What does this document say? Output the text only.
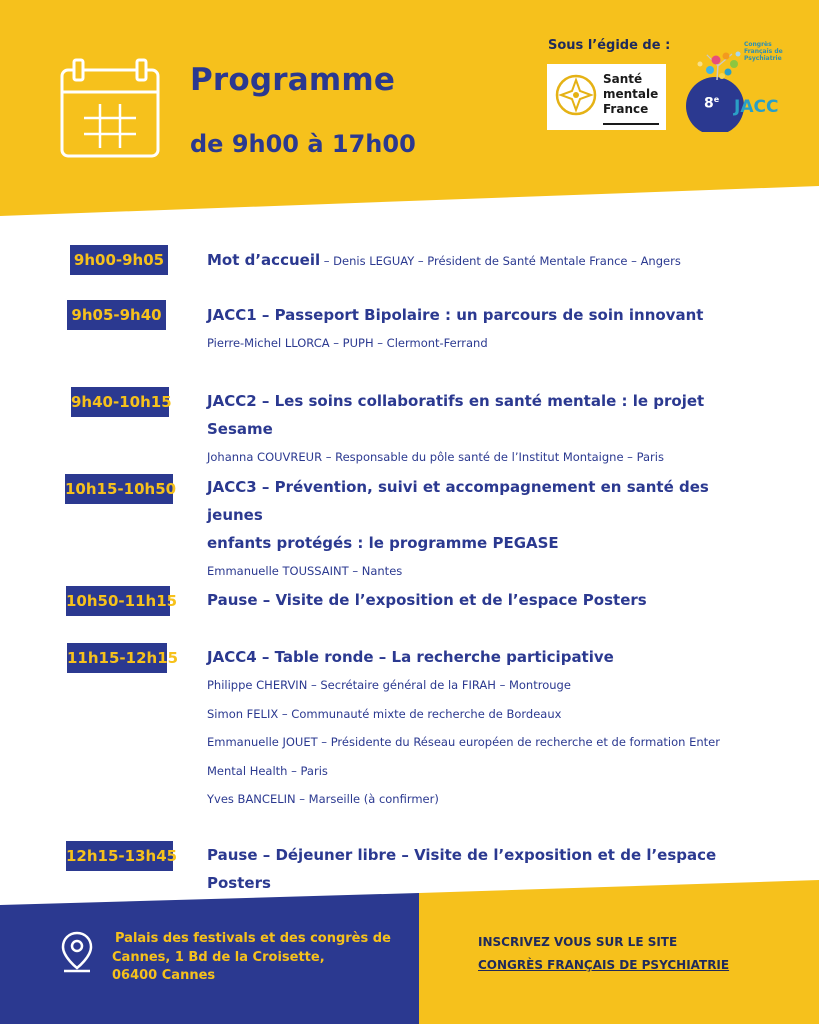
Programme
de 9h00 à 17h00
Sous l’égide de :
Santé
mentale
France
Congrès
Français de
Psychiatrie
8e JACC
9h00-9h05	Mot d’accueil – Denis LEGUAY – Président de Santé Mentale France – Angers
9h05-9h40	JACC1 – Passeport Bipolaire : un parcours de soin innovant
Pierre-Michel LLORCA – PUPH – Clermont-Ferrand
9h40-10h15 JACC2 – Les soins collaboratifs en santé mentale : le projet Sesame
Johanna COUVREUR – Responsable du pôle santé de l’Institut Montaigne – Paris
10h15-10h50 JACC3 – Prévention, suivi et accompagnement en santé des jeunes
enfants protégés : le programme PEGASE
Emmanuelle TOUSSAINT – Nantes
10h50-11h15 Pause – Visite de l’exposition et de l’espace Posters
11h15-12h15 JACC4 – Table ronde – La recherche participative
Philippe CHERVIN – Secrétaire général de la FIRAH – Montrouge
Simon FELIX – Communauté mixte de recherche de Bordeaux
Emmanuelle JOUET – Présidente du Réseau européen de recherche et de formation Enter
Mental Health – Paris
Yves BANCELIN – Marseille (à confirmer)
12h15-13h45 Pause – Déjeuner libre – Visite de l’exposition et de l’espace Posters
Palais des festivals et des congrès de
Cannes, 1 Bd de la Croisette,
06400 Cannes
INSCRIVEZ VOUS SUR LE SITE
CONGRÈS FRANÇAIS DE PSYCHIATRIE
